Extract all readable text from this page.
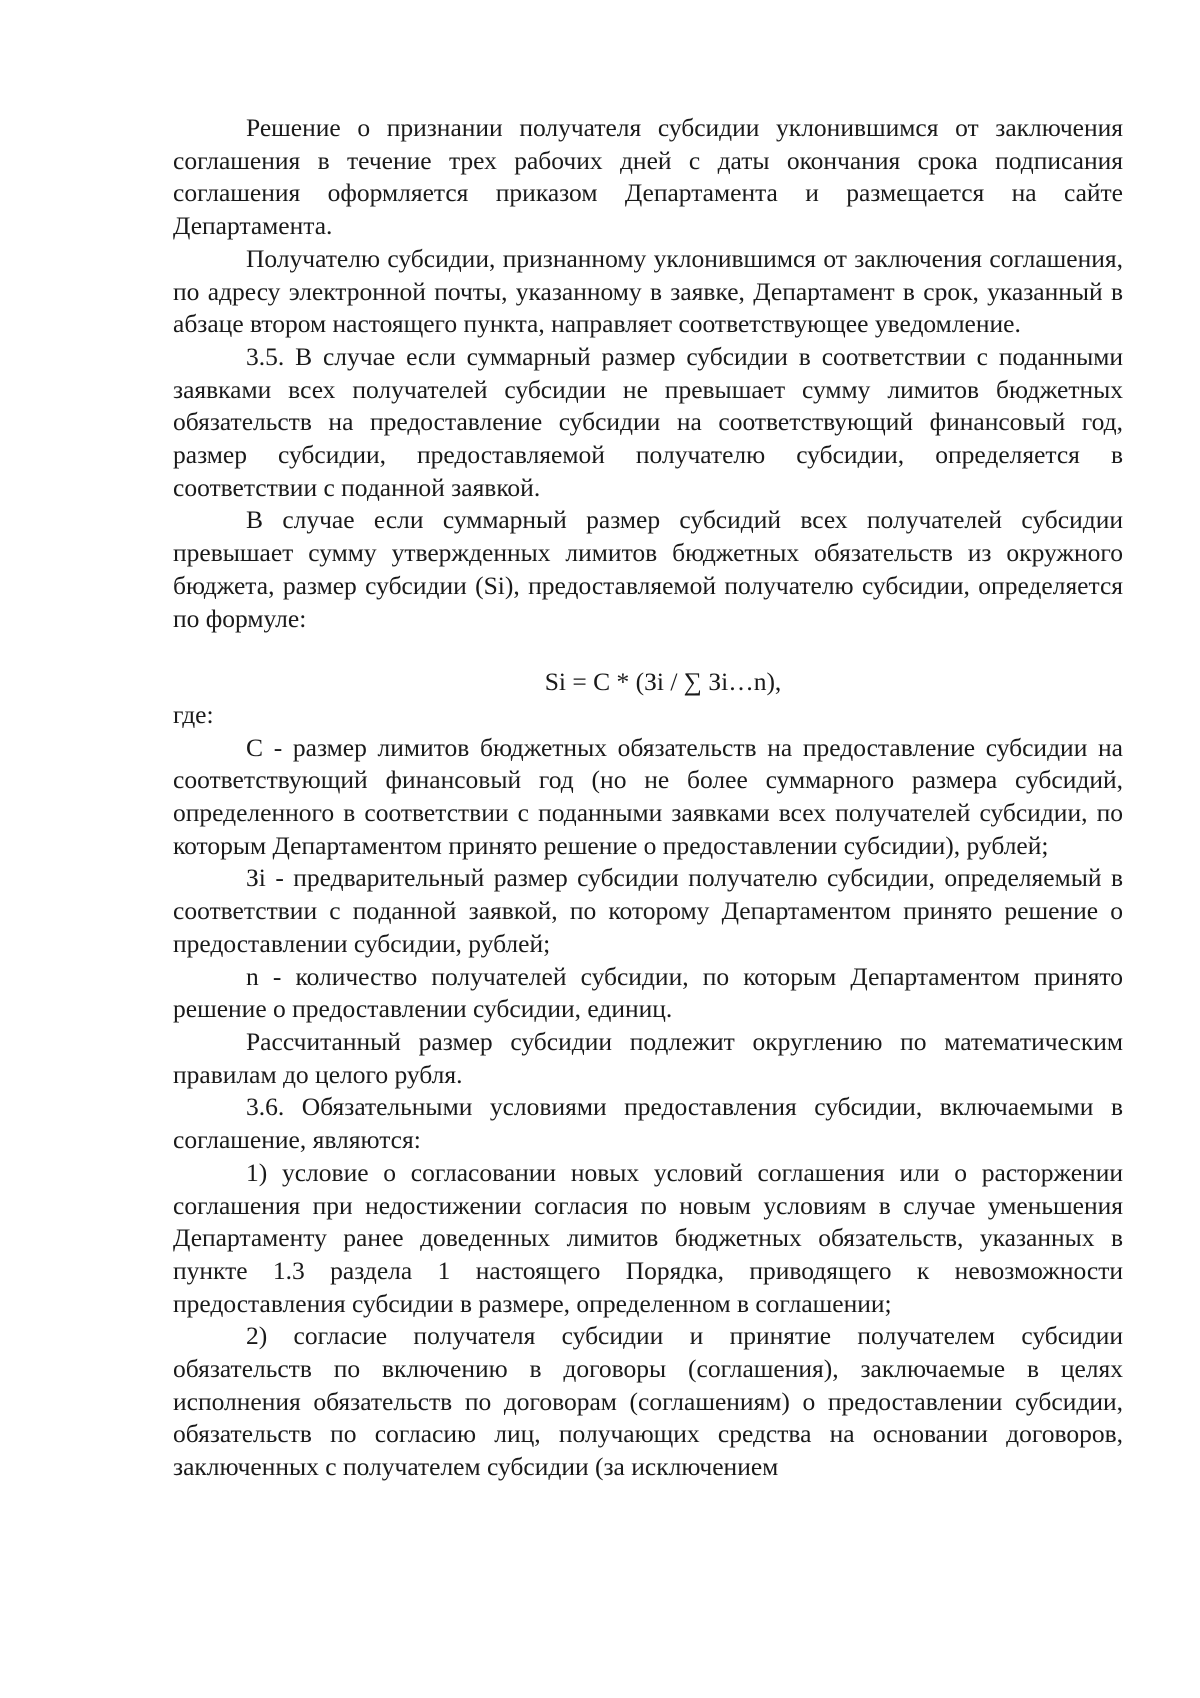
Решение о признании получателя субсидии уклонившимся от заключения соглашения в течение трех рабочих дней с даты окончания срока подписания соглашения оформляется приказом Департамента и размещается на сайте Департамента.

Получателю субсидии, признанному уклонившимся от заключения соглашения, по адресу электронной почты, указанному в заявке, Департамент в срок, указанный в абзаце втором настоящего пункта, направляет соответствующее уведомление.

3.5. В случае если суммарный размер субсидии в соответствии с поданными заявками всех получателей субсидии не превышает сумму лимитов бюджетных обязательств на предоставление субсидии на соответствующий финансовый год, размер субсидии, предоставляемой получателю субсидии, определяется в соответствии с поданной заявкой.

В случае если суммарный размер субсидий всех получателей субсидии превышает сумму утвержденных лимитов бюджетных обязательств из окружного бюджета, размер субсидии (Si), предоставляемой получателю субсидии, определяется по формуле:

Si = C * (Зi / ∑ Зi…n),

где:

C - размер лимитов бюджетных обязательств на предоставление субсидии на соответствующий финансовый год (но не более суммарного размера субсидий, определенного в соответствии с поданными заявками всех получателей субсидии, по которым Департаментом принято решение о предоставлении субсидии), рублей;

Зi - предварительный размер субсидии получателю субсидии, определяемый в соответствии с поданной заявкой, по которому Департаментом принято решение о предоставлении субсидии, рублей;

n - количество получателей субсидии, по которым Департаментом принято решение о предоставлении субсидии, единиц.

Рассчитанный размер субсидии подлежит округлению по математическим правилам до целого рубля.

3.6. Обязательными условиями предоставления субсидии, включаемыми в соглашение, являются:

1) условие о согласовании новых условий соглашения или о расторжении соглашения при недостижении согласия по новым условиям в случае уменьшения Департаменту ранее доведенных лимитов бюджетных обязательств, указанных в пункте 1.3 раздела 1 настоящего Порядка, приводящего к невозможности предоставления субсидии в размере, определенном в соглашении;

2) согласие получателя субсидии и принятие получателем субсидии обязательств по включению в договоры (соглашения), заключаемые в целях исполнения обязательств по договорам (соглашениям) о предоставлении субсидии, обязательств по согласию лиц, получающих средства на основании договоров, заключенных с получателем субсидии (за исключением
